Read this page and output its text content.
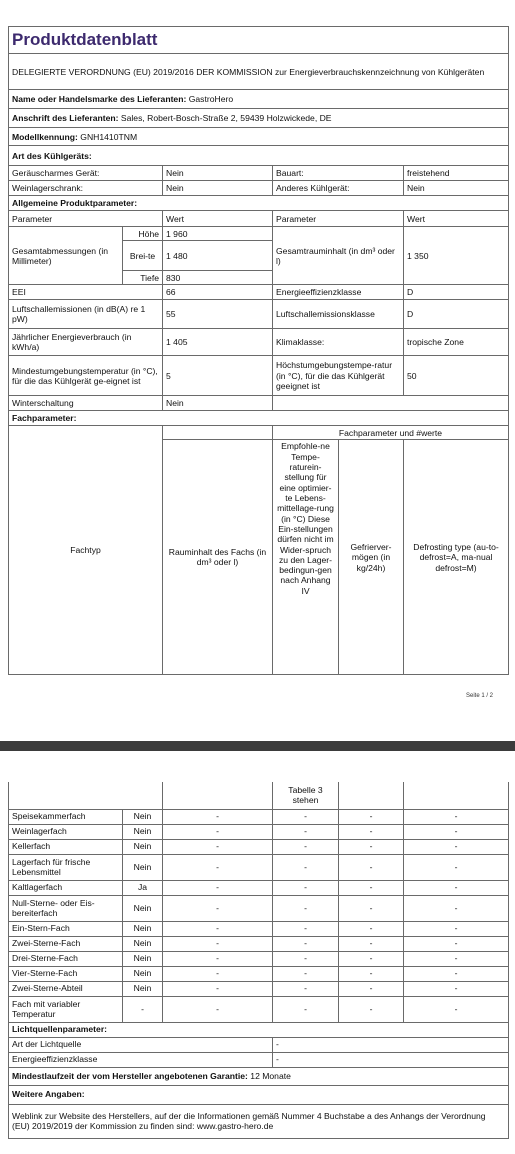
Produktdatenblatt					
DELEGIERTE VERORDNUNG (EU) 2019/2016 DER KOMMISSION zur Energieverbrauchskennzeichnung von Kühlgeräten					
Name oder Handelsmarke des Lieferanten: GastroHero					
Anschrift des Lieferanten: Sales, Robert-Bosch-Straße 2, 59439 Holzwickede, DE					
Modellkennung: GNH1410TNM					
Art des Kühlgeräts:					
Geräuscharmes Gerät:		Nein	Bauart:		freistehend
Weinlagerschrank:		Nein	Anderes Kühlgerät:		Nein
Allgemeine Produktparameter:					
Parameter		Wert	Parameter		Wert
Gesamtabmessungen (in Millimeter)	Höhe	1 960	Gesamtrauminhalt (in dm³ oder l)		1 350
	Brei-te	1 480			
	Tiefe	830			
EEI		66	Energieeffizienzklasse		D
Luftschallemissionen (in dB(A) re 1 pW)		55	Luftschallemissionsklasse		D
Jährlicher Energieverbrauch (in kWh/a)		1 405	Klimaklasse:		tropische Zone
Mindestumgebungstemperatur (in °C), für die das Kühlgerät ge-eignet ist		5	Höchstumgebungstempe-ratur (in °C), für die das Kühlgerät geeignet ist		50
Winterschaltung		Nein			
Fachparameter:					
Fachtyp			Fachparameter und #werte		
		Rauminhalt des Fachs (in dm³ oder l)	Empfohle-ne Tempe-raturein-stellung für eine optimier-te Lebens-mittellage-rung (in °C) Diese Ein-stellungen dürfen nicht im Wider-spruch zu den Lager-bedingun-gen nach Anhang IV	Gefrierver-mögen (in kg/24h)	Defrosting type (au-to-defrost=A, ma-nual defrost=M)
Seite 1 / 2
			Tabelle 3 stehen		
Speisekammerfach	Nein	-	-	-	-
Weinlagerfach	Nein	-	-	-	-
Kellerfach	Nein	-	-	-	-
Lagerfach für frische Lebensmittel	Nein	-	-	-	-
Kaltlagerfach	Ja	-	-	-	-
Null-Sterne- oder Eis-bereiterfach	Nein	-	-	-	-
Ein-Stern-Fach	Nein	-	-	-	-
Zwei-Sterne-Fach	Nein	-	-	-	-
Drei-Sterne-Fach	Nein	-	-	-	-
Vier-Sterne-Fach	Nein	-	-	-	-
Zwei-Sterne-Abteil	Nein	-	-	-	-
Fach mit variabler Temperatur	-	-	-	-	-
Lichtquellenparameter:					
Art der Lichtquelle			-		
Energieeffizienzklasse			-		
Mindestlaufzeit der vom Hersteller angebotenen Garantie: 12 Monate					
Weitere Angaben:					
Weblink zur Website des Herstellers, auf der die Informationen gemäß Nummer 4 Buchstabe a des Anhangs der Verordnung (EU) 2019/2019 der Kommission zu finden sind: www.gastro-hero.de					
